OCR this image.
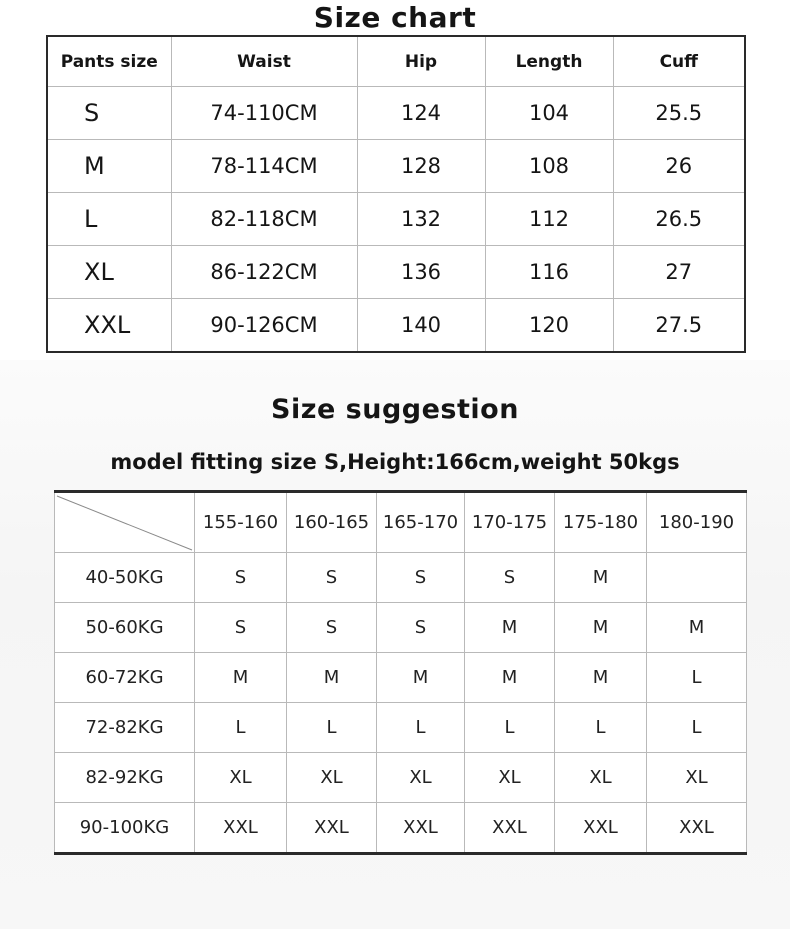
Size chart
Pants size	Waist	Hip	Length	Cuff
S	74-110CM	124	104	25.5
M	78-114CM	128	108	26
L	82-118CM	132	112	26.5
XL	86-122CM	136	116	27
XXL	90-126CM	140	120	27.5
Size suggestion
model fitting size S,Height:166cm,weight 50kgs
	155-160	160-165	165-170	170-175	175-180	180-190
40-50KG	S	S	S	S	M	
50-60KG	S	S	S	M	M	M
60-72KG	M	M	M	M	M	L
72-82KG	L	L	L	L	L	L
82-92KG	XL	XL	XL	XL	XL	XL
90-100KG	XXL	XXL	XXL	XXL	XXL	XXL
